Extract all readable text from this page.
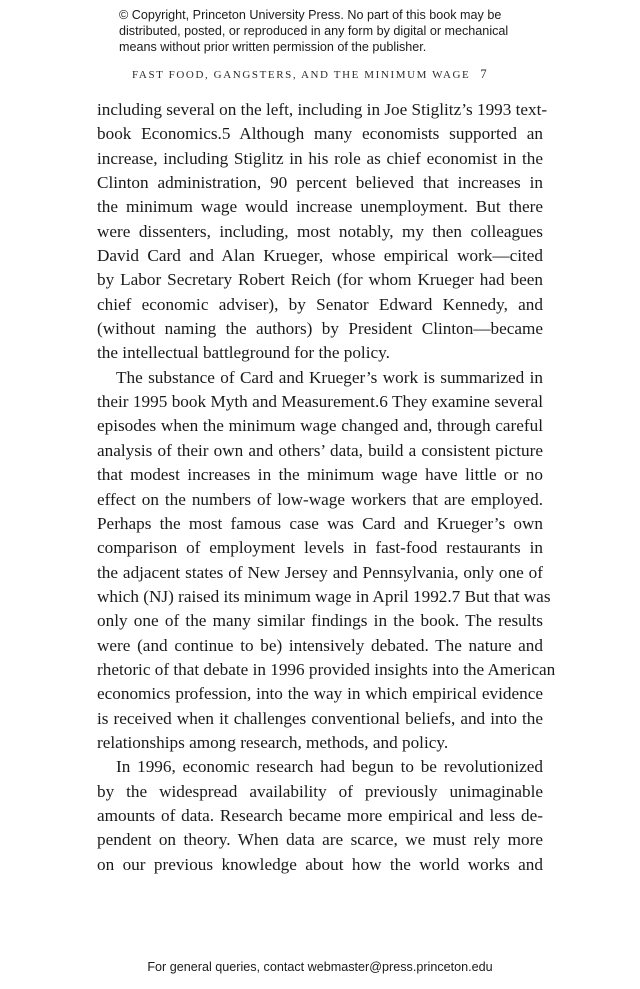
© Copyright, Princeton University Press. No part of this book may be
distributed, posted, or reproduced in any form by digital or mechanical
means without prior written permission of the publisher.
FAST FOOD, GANGSTERS, AND THE MINIMUM WAGE 7
including several on the left, including in Joe Stiglitz’s 1993 text-
book Economics.5 Although many economists supported an
increase, including Stiglitz in his role as chief economist in the
Clinton administration, 90 percent believed that increases in
the minimum wage would increase unemployment. But there
were dissenters, including, most notably, my then colleagues
David Card and Alan Krueger, whose empirical work—cited
by Labor Secretary Robert Reich (for whom Krueger had been
chief economic adviser), by Senator Edward Kennedy, and
(without naming the authors) by President Clinton—became
the intellectual battleground for the policy.
The substance of Card and Krueger’s work is summarized in
their 1995 book Myth and Measurement.6 They examine several
episodes when the minimum wage changed and, through careful
analysis of their own and others’ data, build a consistent picture
that modest increases in the minimum wage have little or no
effect on the numbers of low-wage workers that are employed.
Perhaps the most famous case was Card and Krueger’s own
comparison of employment levels in fast-food restaurants in
the adjacent states of New Jersey and Pennsylvania, only one of
which (NJ) raised its minimum wage in April 1992.7 But that was
only one of the many similar findings in the book. The results
were (and continue to be) intensively debated. The nature and
rhetoric of that debate in 1996 provided insights into the American
economics profession, into the way in which empirical evidence
is received when it challenges conventional beliefs, and into the
relationships among research, methods, and policy.
In 1996, economic research had begun to be revolutionized
by the widespread availability of previously unimaginable
amounts of data. Research became more empirical and less de-
pendent on theory. When data are scarce, we must rely more
on our previous knowledge about how the world works and
For general queries, contact webmaster@press.princeton.edu
